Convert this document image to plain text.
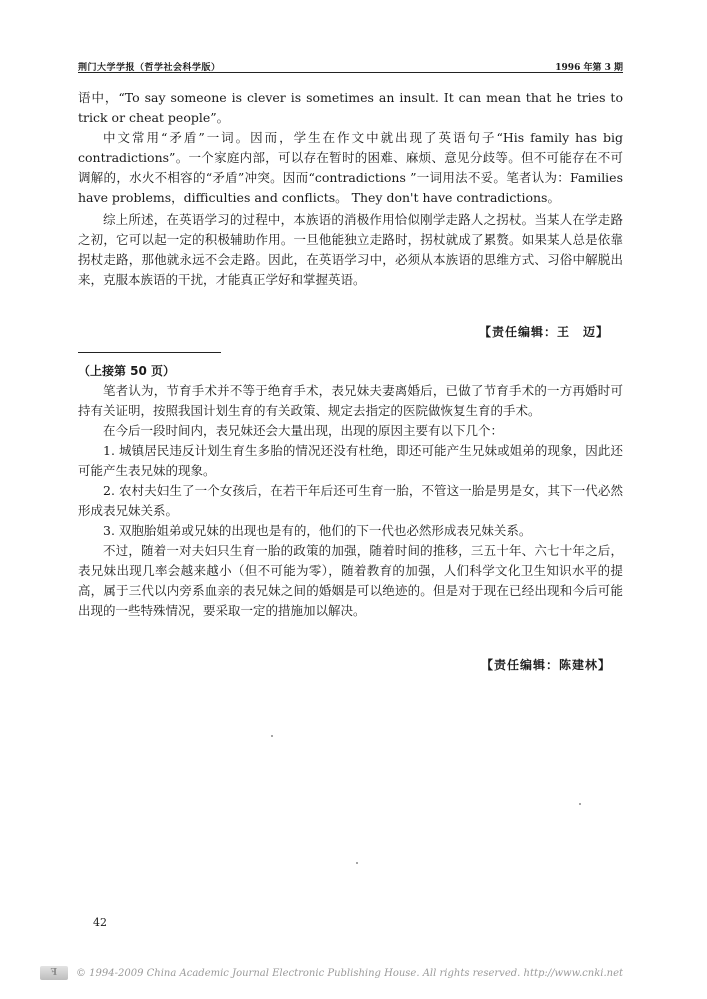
荆门大学学报（哲学社会科学版）	1996 年第 3 期

语中，“To say someone is clever is sometimes an insult. It can mean that he tries to trick or cheat people”。

中文常用“矛盾”一词。因而，学生在作文中就出现了英语句子“His family has big contradictions”。一个家庭内部，可以存在暂时的困难、麻烦、意见分歧等。但不可能存在不可调解的，水火不相容的“矛盾”冲突。因而“contradictions ”一词用法不妥。笔者认为：Families have problems，difficulties and conflicts。 They don't have contradictions。

综上所述，在英语学习的过程中，本族语的消极作用恰似刚学走路人之拐杖。当某人在学走路之初，它可以起一定的积极辅助作用。一旦他能独立走路时，拐杖就成了累赘。如果某人总是依靠拐杖走路，那他就永远不会走路。因此，在英语学习中，必须从本族语的思维方式、习俗中解脱出来，克服本族语的干扰，才能真正学好和掌握英语。

【责任编辑：王　迈】

（上接第 50 页）

笔者认为，节育手术并不等于绝育手术，表兄妹夫妻离婚后，已做了节育手术的一方再婚时可持有关证明，按照我国计划生育的有关政策、规定去指定的医院做恢复生育的手术。

在今后一段时间内，表兄妹还会大量出现，出现的原因主要有以下几个：

1. 城镇居民违反计划生育生多胎的情况还没有杜绝，即还可能产生兄妹或姐弟的现象，因此还可能产生表兄妹的现象。

2. 农村夫妇生了一个女孩后，在若干年后还可生育一胎，不管这一胎是男是女，其下一代必然形成表兄妹关系。

3. 双胞胎姐弟或兄妹的出现也是有的，他们的下一代也必然形成表兄妹关系。

不过，随着一对夫妇只生育一胎的政策的加强，随着时间的推移，三五十年、六七十年之后，表兄妹出现几率会越来越小（但不可能为零），随着教育的加强，人们科学文化卫生知识水平的提高，属于三代以内旁系血亲的表兄妹之间的婚姻是可以绝迹的。但是对于现在已经出现和今后可能出现的一些特殊情况，要采取一定的措施加以解决。

【责任编辑：陈建林】
42
ꟻ	© 1994-2009 China Academic Journal Electronic Publishing House. All rights reserved. http://www.cnki.net
